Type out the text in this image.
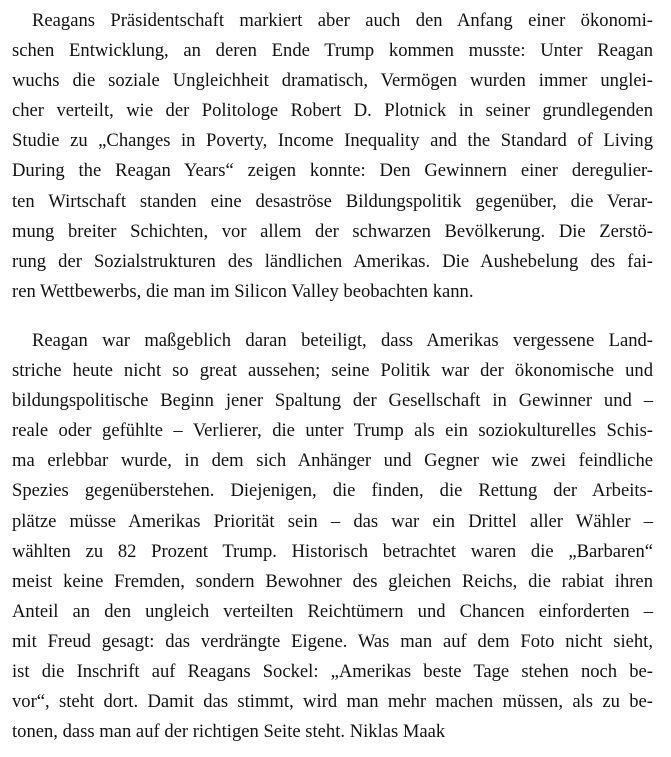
Reagans Präsidentschaft markiert aber auch den Anfang einer ökonomi-
schen Entwicklung, an deren Ende Trump kommen musste: Unter Reagan
wuchs die soziale Ungleichheit dramatisch, Vermögen wurden immer unglei-
cher verteilt, wie der Politologe Robert D. Plotnick in seiner grundlegenden
Studie zu „Changes in Poverty, Income Inequality and the Standard of Living
During the Reagan Years“ zeigen konnte: Den Gewinnern einer deregulier-
ten Wirtschaft standen eine desaströse Bildungspolitik gegenüber, die Verar-
mung breiter Schichten, vor allem der schwarzen Bevölkerung. Die Zerstö-
rung der Sozialstrukturen des ländlichen Amerikas. Die Aushebelung des fai-
ren Wettbewerbs, die man im Silicon Valley beobachten kann.

Reagan war maßgeblich daran beteiligt, dass Amerikas vergessene Land-
striche heute nicht so great aussehen; seine Politik war der ökonomische und
bildungspolitische Beginn jener Spaltung der Gesellschaft in Gewinner und –
reale oder gefühlte – Verlierer, die unter Trump als ein soziokulturelles Schis-
ma erlebbar wurde, in dem sich Anhänger und Gegner wie zwei feindliche
Spezies gegenüberstehen. Diejenigen, die finden, die Rettung der Arbeits-
plätze müsse Amerikas Priorität sein – das war ein Drittel aller Wähler –
wählten zu 82 Prozent Trump. Historisch betrachtet waren die „Barbaren“
meist keine Fremden, sondern Bewohner des gleichen Reichs, die rabiat ihren
Anteil an den ungleich verteilten Reichtümern und Chancen einforderten –
mit Freud gesagt: das verdrängte Eigene. Was man auf dem Foto nicht sieht,
ist die Inschrift auf Reagans Sockel: „Amerikas beste Tage stehen noch be-
vor“, steht dort. Damit das stimmt, wird man mehr machen müssen, als zu be-
tonen, dass man auf der richtigen Seite steht. Niklas Maak
